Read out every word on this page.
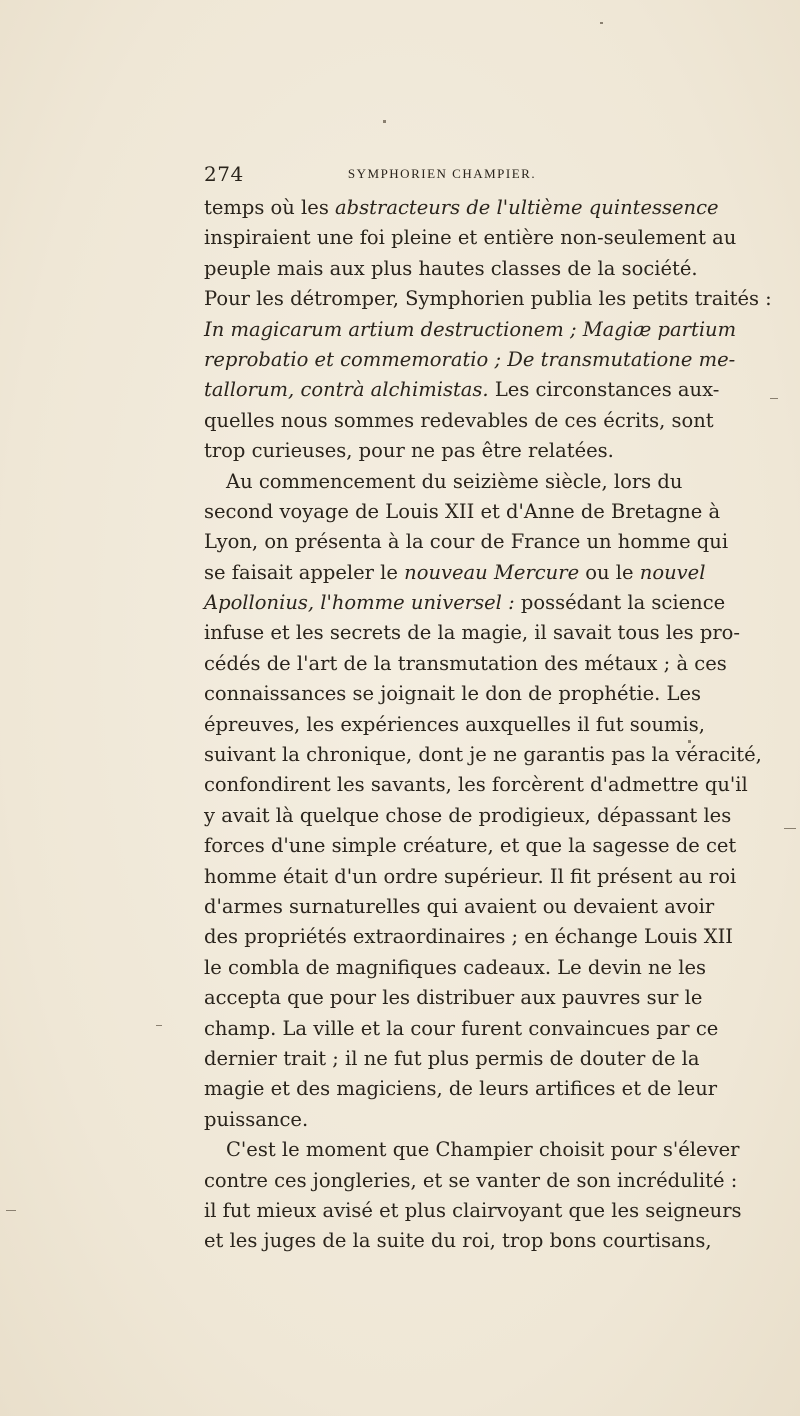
274	SYMPHORIEN CHAMPIER.
temps où les abstracteurs de l'ultième quintessence
inspiraient une foi pleine et entière non-seulement au
peuple mais aux plus hautes classes de la société.
Pour les détromper, Symphorien publia les petits traités :
In magicarum artium destructionem ; Magiæ partium
reprobatio et commemoratio ; De transmutatione me-
tallorum, contrà alchimistas. Les circonstances aux-
quelles nous sommes redevables de ces écrits, sont
trop curieuses, pour ne pas être relatées.
Au commencement du seizième siècle, lors du
second voyage de Louis XII et d'Anne de Bretagne à
Lyon, on présenta à la cour de France un homme qui
se faisait appeler le nouveau Mercure ou le nouvel
Apollonius, l'homme universel : possédant la science
infuse et les secrets de la magie, il savait tous les pro-
cédés de l'art de la transmutation des métaux ; à ces
connaissances se joignait le don de prophétie. Les
épreuves, les expériences auxquelles il fut soumis,
suivant la chronique, dont je ne garantis pas la véracité,
confondirent les savants, les forcèrent d'admettre qu'il
y avait là quelque chose de prodigieux, dépassant les
forces d'une simple créature, et que la sagesse de cet
homme était d'un ordre supérieur. Il fit présent au roi
d'armes surnaturelles qui avaient ou devaient avoir
des propriétés extraordinaires ; en échange Louis XII
le combla de magnifiques cadeaux. Le devin ne les
accepta que pour les distribuer aux pauvres sur le
champ. La ville et la cour furent convaincues par ce
dernier trait ; il ne fut plus permis de douter de la
magie et des magiciens, de leurs artifices et de leur
puissance.
C'est le moment que Champier choisit pour s'élever
contre ces jongleries, et se vanter de son incrédulité :
il fut mieux avisé et plus clairvoyant que les seigneurs
et les juges de la suite du roi, trop bons courtisans,
